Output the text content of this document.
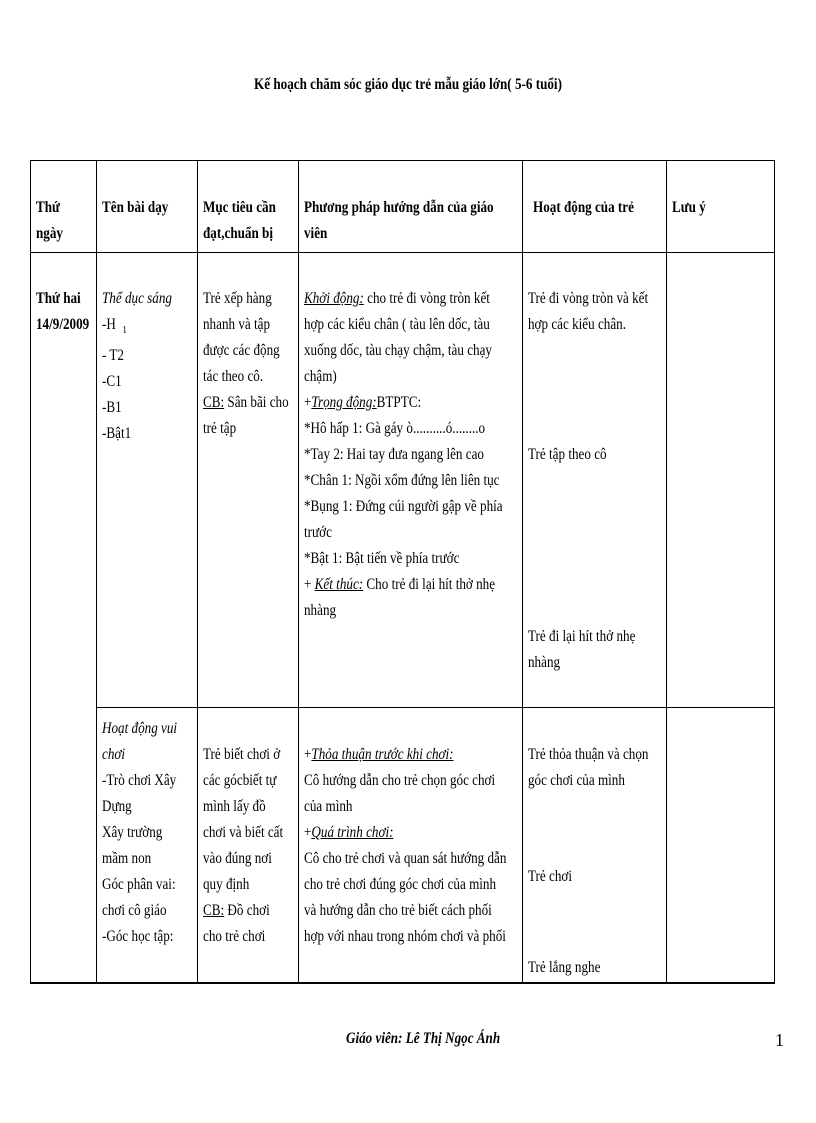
Kế hoạch chăm sóc giáo dục trẻ mẫu giáo lớn( 5-6 tuổi)
Thứ
ngày
Tên bài dạy Mục tiêu cần
đạt,chuẩn bị
Phương pháp hướng dẫn của giáo
viên
Hoạt động của trẻ Lưu ý
Thứ hai
14/9/2009
Thể dục sáng
-H $_1$
- T2
-C1
-B1
-Bật1
Trẻ xếp hàng
nhanh và tập
được các động
tác theo cô.
CB: Sân bãi cho
trẻ tập
Khởi động: cho trẻ đi vòng tròn kết
hợp các kiểu chân ( tàu lên dốc, tàu
xuống dốc, tàu chạy chậm, tàu chạy
chậm)
+Trọng động:BTPTC:
*Hô hấp 1: Gà gáy ò..........ó........o
*Tay 2: Hai tay đưa ngang lên cao
*Chân 1: Ngồi xổm đứng lên liên tục
*Bụng 1: Đứng cúi người gập về phía
trước
*Bật 1: Bật tiến về phía trước
+ Kết thúc: Cho trẻ đi lại hít thở nhẹ
nhàng
Trẻ đi vòng tròn và kết
hợp các kiểu chân.
Trẻ tập theo cô
Trẻ đi lại hít thở nhẹ
nhàng
Hoạt động vui
chơi
-Trò chơi Xây
Dựng
Xây trường
mầm non
Góc phân vai:
chơi cô giáo
-Góc học tập:
Trẻ biết chơi ở
các gócbiết tự
mình lấy đồ
chơi và biết cất
vào đúng nơi
quy định
CB: Đồ chơi
cho trẻ chơi
+Thỏa thuận trước khi chơi:
Cô hướng dẫn cho trẻ chọn góc chơi
của mình
+Quá trình chơi:
Cô cho trẻ chơi và quan sát hướng dẫn
cho trẻ chơi đúng góc chơi của mình
và hướng dẫn cho trẻ biết cách phối
hợp với nhau trong nhóm chơi và phối
Trẻ thỏa thuận và chọn
góc chơi của mình
Trẻ chơi
Trẻ lắng nghe
Giáo viên: Lê Thị Ngọc Ánh	1
